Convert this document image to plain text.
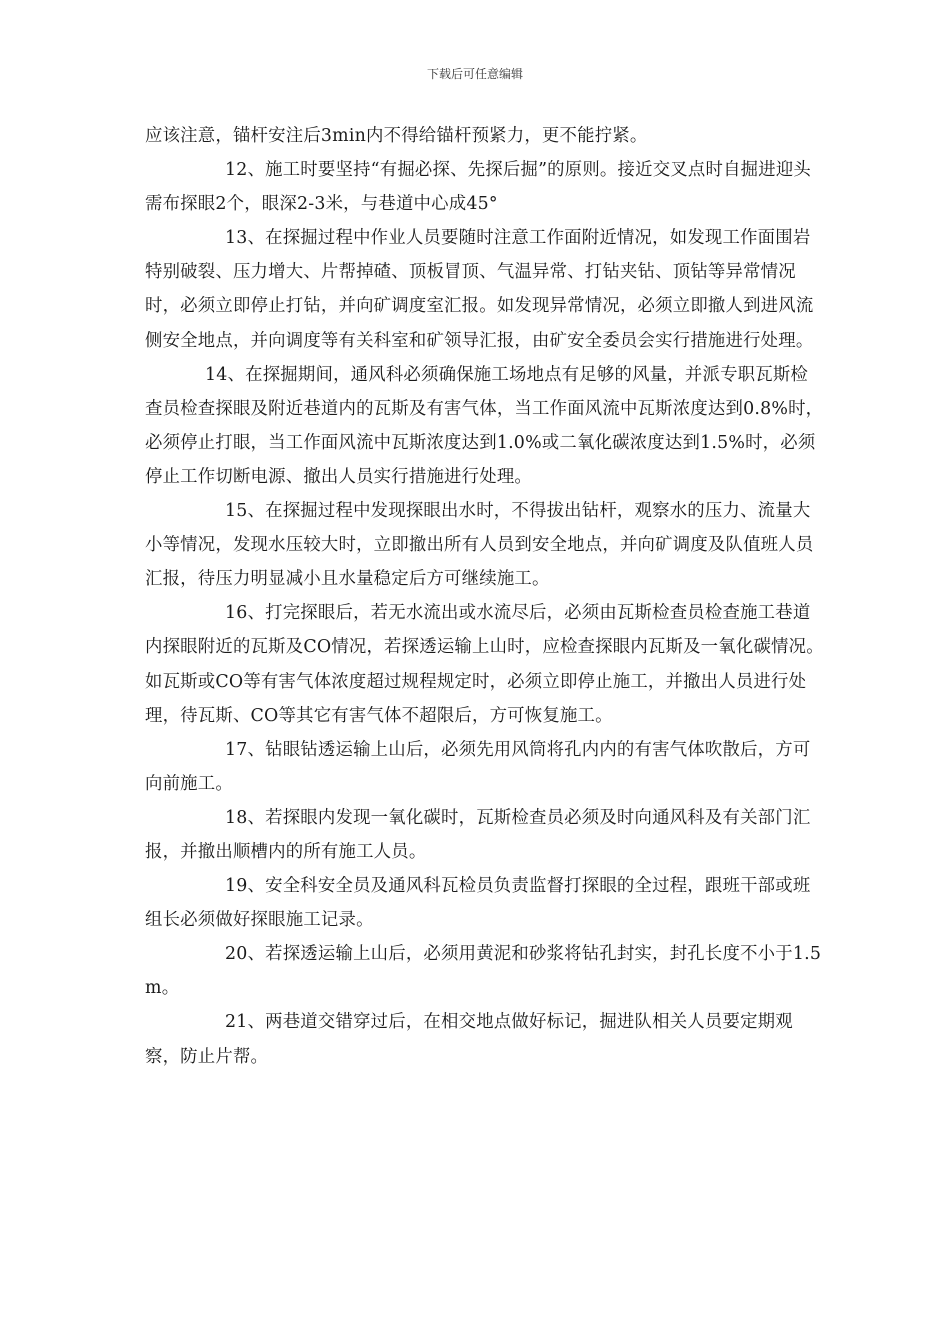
下载后可任意编辑

应该注意，锚杆安注后3min内不得给锚杆预紧力，更不能拧紧。

12、施工时要坚持“有掘必探、先探后掘”的原则。接近交叉点时自掘进迎头需布探眼2个，眼深2-3米，与巷道中心成45°

13、在探掘过程中作业人员要随时注意工作面附近情况，如发现工作面围岩特别破裂、压力增大、片帮掉碴、顶板冒顶、气温异常、打钻夹钻、顶钻等异常情况时，必须立即停止打钻，并向矿调度室汇报。如发现异常情况，必须立即撤人到进风流侧安全地点，并向调度等有关科室和矿领导汇报，由矿安全委员会实行措施进行处理。

14、在探掘期间，通风科必须确保施工场地点有足够的风量，并派专职瓦斯检查员检查探眼及附近巷道内的瓦斯及有害气体，当工作面风流中瓦斯浓度达到0.8%时，必须停止打眼，当工作面风流中瓦斯浓度达到1.0%或二氧化碳浓度达到1.5%时，必须停止工作切断电源、撤出人员实行措施进行处理。

15、在探掘过程中发现探眼出水时，不得拔出钻杆，观察水的压力、流量大小等情况，发现水压较大时，立即撤出所有人员到安全地点，并向矿调度及队值班人员汇报，待压力明显减小且水量稳定后方可继续施工。

16、打完探眼后，若无水流出或水流尽后，必须由瓦斯检查员检查施工巷道内探眼附近的瓦斯及CO情况，若探透运输上山时，应检查探眼内瓦斯及一氧化碳情况。如瓦斯或CO等有害气体浓度超过规程规定时，必须立即停止施工，并撤出人员进行处理，待瓦斯、CO等其它有害气体不超限后，方可恢复施工。

17、钻眼钻透运输上山后，必须先用风筒将孔内内的有害气体吹散后，方可向前施工。

18、若探眼内发现一氧化碳时，瓦斯检查员必须及时向通风科及有关部门汇报，并撤出顺槽内的所有施工人员。

19、安全科安全员及通风科瓦检员负责监督打探眼的全过程，跟班干部或班组长必须做好探眼施工记录。

20、若探透运输上山后，必须用黄泥和砂浆将钻孔封实，封孔长度不小于1.5m。

21、两巷道交错穿过后，在相交地点做好标记，掘进队相关人员要定期观察，防止片帮。
